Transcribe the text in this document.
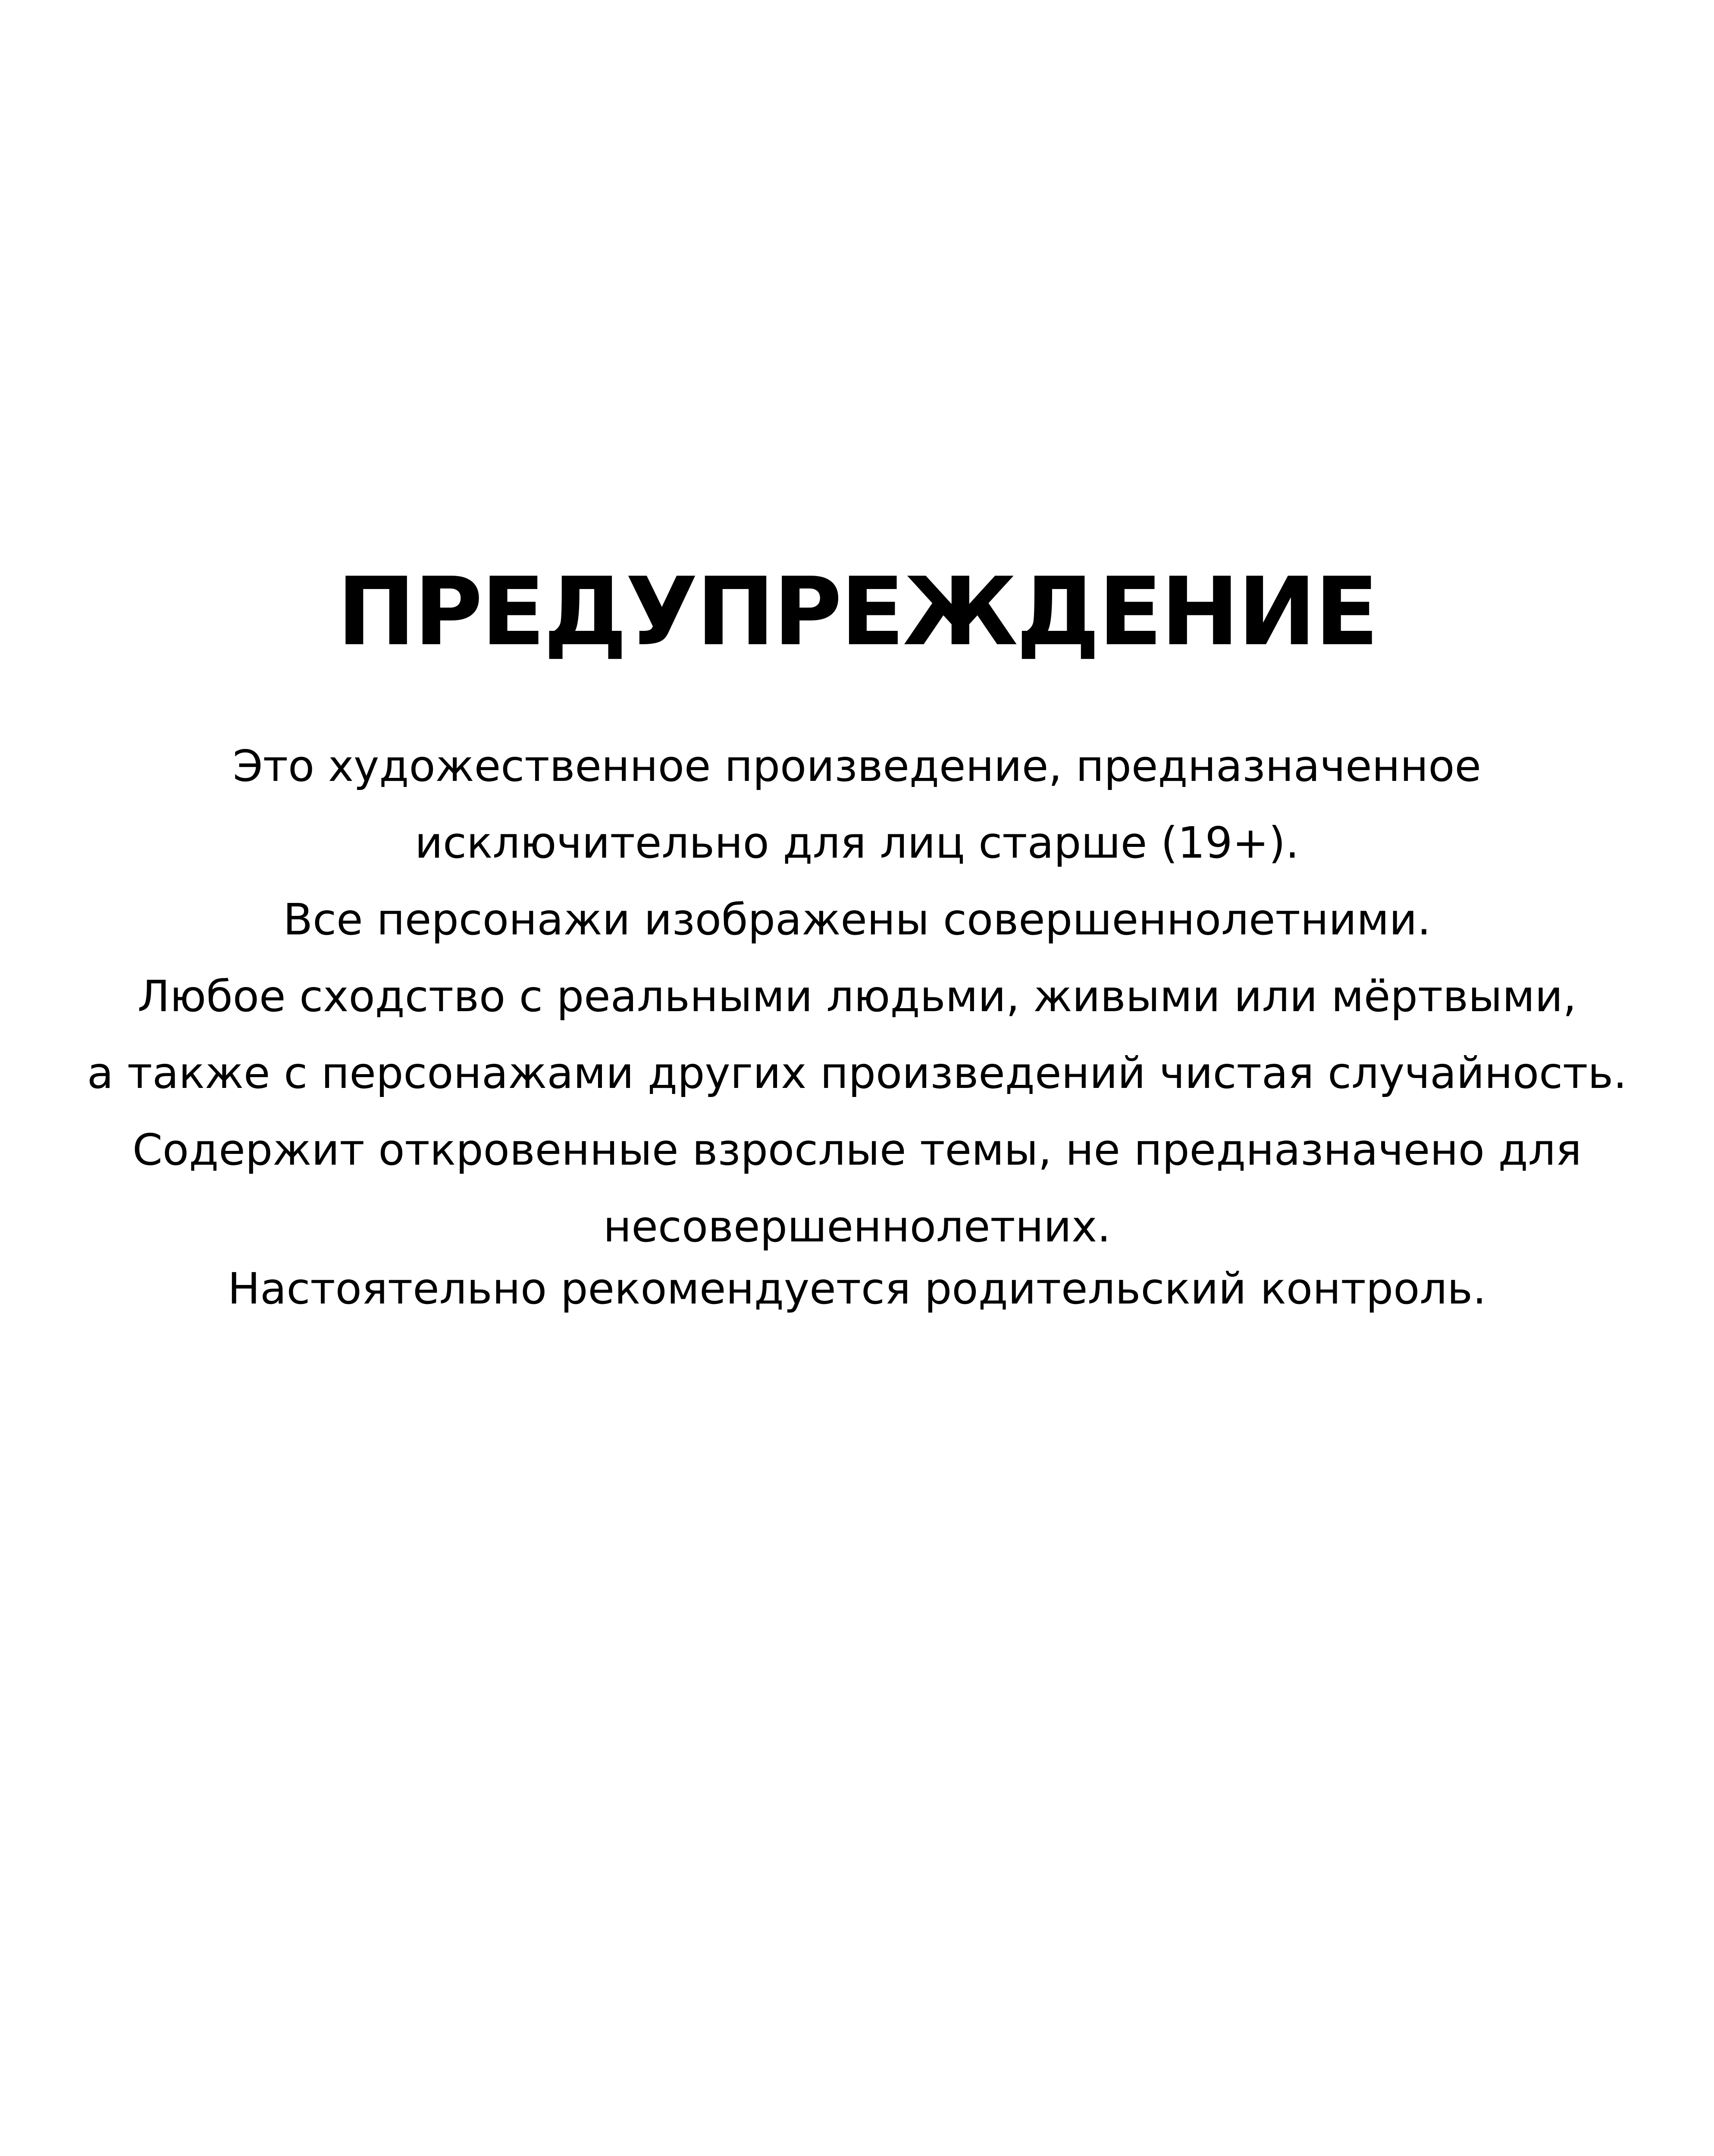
ПРЕДУПРЕЖДЕНИЕ
Это художественное произведение, предназначенное
исключительно для лиц старше (19+).
Все персонажи изображены совершеннолетними.
Любое сходство с реальными людьми, живыми или мёртвыми,
а также с персонажами других произведений чистая случайность.
Содержит откровенные взрослые темы, не предназначено для
несовершеннолетних.
Настоятельно рекомендуется родительский контроль.
